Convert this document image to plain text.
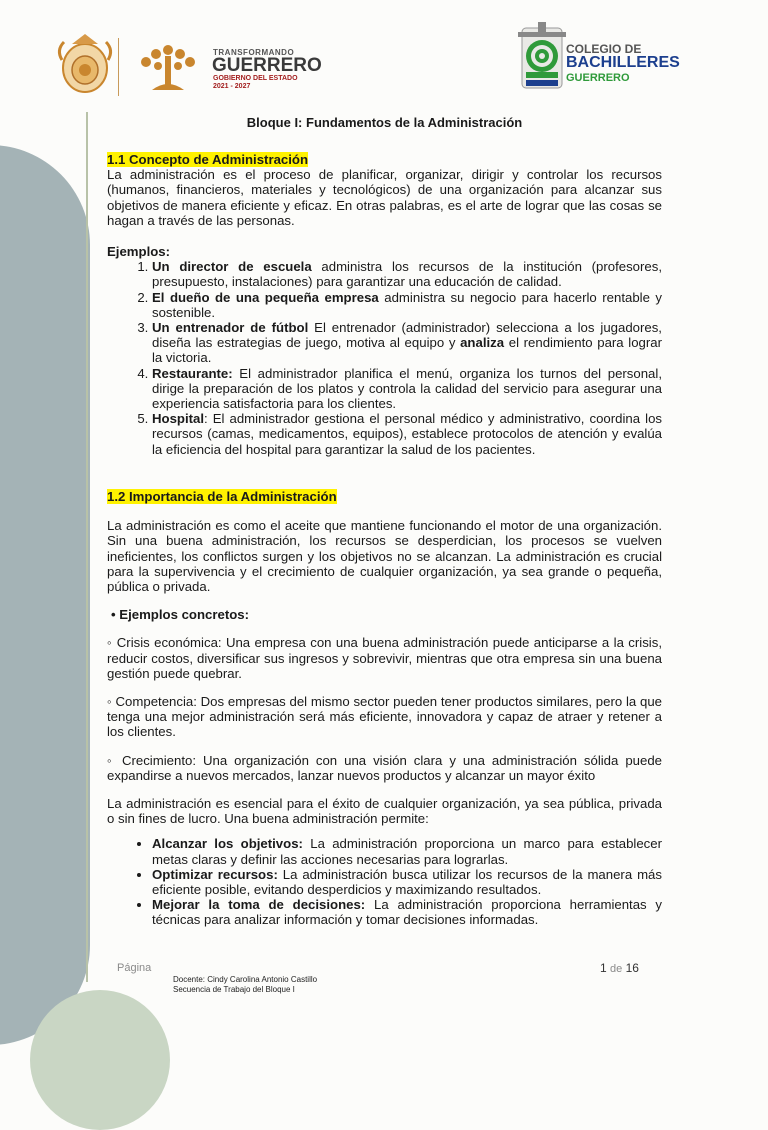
TRANSFORMANDO
GUERRERO
GOBIERNO DEL ESTADO
2021 - 2027
COLEGIO DE
BACHILLERES
GUERRERO
Bloque I: Fundamentos de la Administración
1.1 Concepto de Administración
La administración es el proceso de planificar, organizar, dirigir y controlar los recursos (humanos, financieros, materiales y tecnológicos) de una organización para alcanzar sus objetivos de manera eficiente y eficaz. En otras palabras, es el arte de lograr que las cosas se hagan a través de las personas.
Ejemplos:
1. Un director de escuela administra los recursos de la institución (profesores, presupuesto, instalaciones) para garantizar una educación de calidad.
2. El dueño de una pequeña empresa administra su negocio para hacerlo rentable y sostenible.
3. Un entrenador de fútbol El entrenador (administrador) selecciona a los jugadores, diseña las estrategias de juego, motiva al equipo y analiza el rendimiento para lograr la victoria.
4. Restaurante: El administrador planifica el menú, organiza los turnos del personal, dirige la preparación de los platos y controla la calidad del servicio para asegurar una experiencia satisfactoria para los clientes.
5. Hospital: El administrador gestiona el personal médico y administrativo, coordina los recursos (camas, medicamentos, equipos), establece protocolos de atención y evalúa la eficiencia del hospital para garantizar la salud de los pacientes.
1.2 Importancia de la Administración
La administración es como el aceite que mantiene funcionando el motor de una organización. Sin una buena administración, los recursos se desperdician, los procesos se vuelven ineficientes, los conflictos surgen y los objetivos no se alcanzan. La administración es crucial para la supervivencia y el crecimiento de cualquier organización, ya sea grande o pequeña, pública o privada.
• Ejemplos concretos:
◦ Crisis económica: Una empresa con una buena administración puede anticiparse a la crisis, reducir costos, diversificar sus ingresos y sobrevivir, mientras que otra empresa sin una buena gestión puede quebrar.
◦ Competencia: Dos empresas del mismo sector pueden tener productos similares, pero la que tenga una mejor administración será más eficiente, innovadora y capaz de atraer y retener a los clientes.
◦ Crecimiento: Una organización con una visión clara y una administración sólida puede expandirse a nuevos mercados, lanzar nuevos productos y alcanzar un mayor éxito
La administración es esencial para el éxito de cualquier organización, ya sea pública, privada o sin fines de lucro. Una buena administración permite:
• Alcanzar los objetivos: La administración proporciona un marco para establecer metas claras y definir las acciones necesarias para lograrlas.
• Optimizar recursos: La administración busca utilizar los recursos de la manera más eficiente posible, evitando desperdicios y maximizando resultados.
• Mejorar la toma de decisiones: La administración proporciona herramientas y técnicas para analizar información y tomar decisiones informadas.
Página	1 de 16
Docente: Cindy Carolina Antonio Castillo
Secuencia de Trabajo del Bloque I
